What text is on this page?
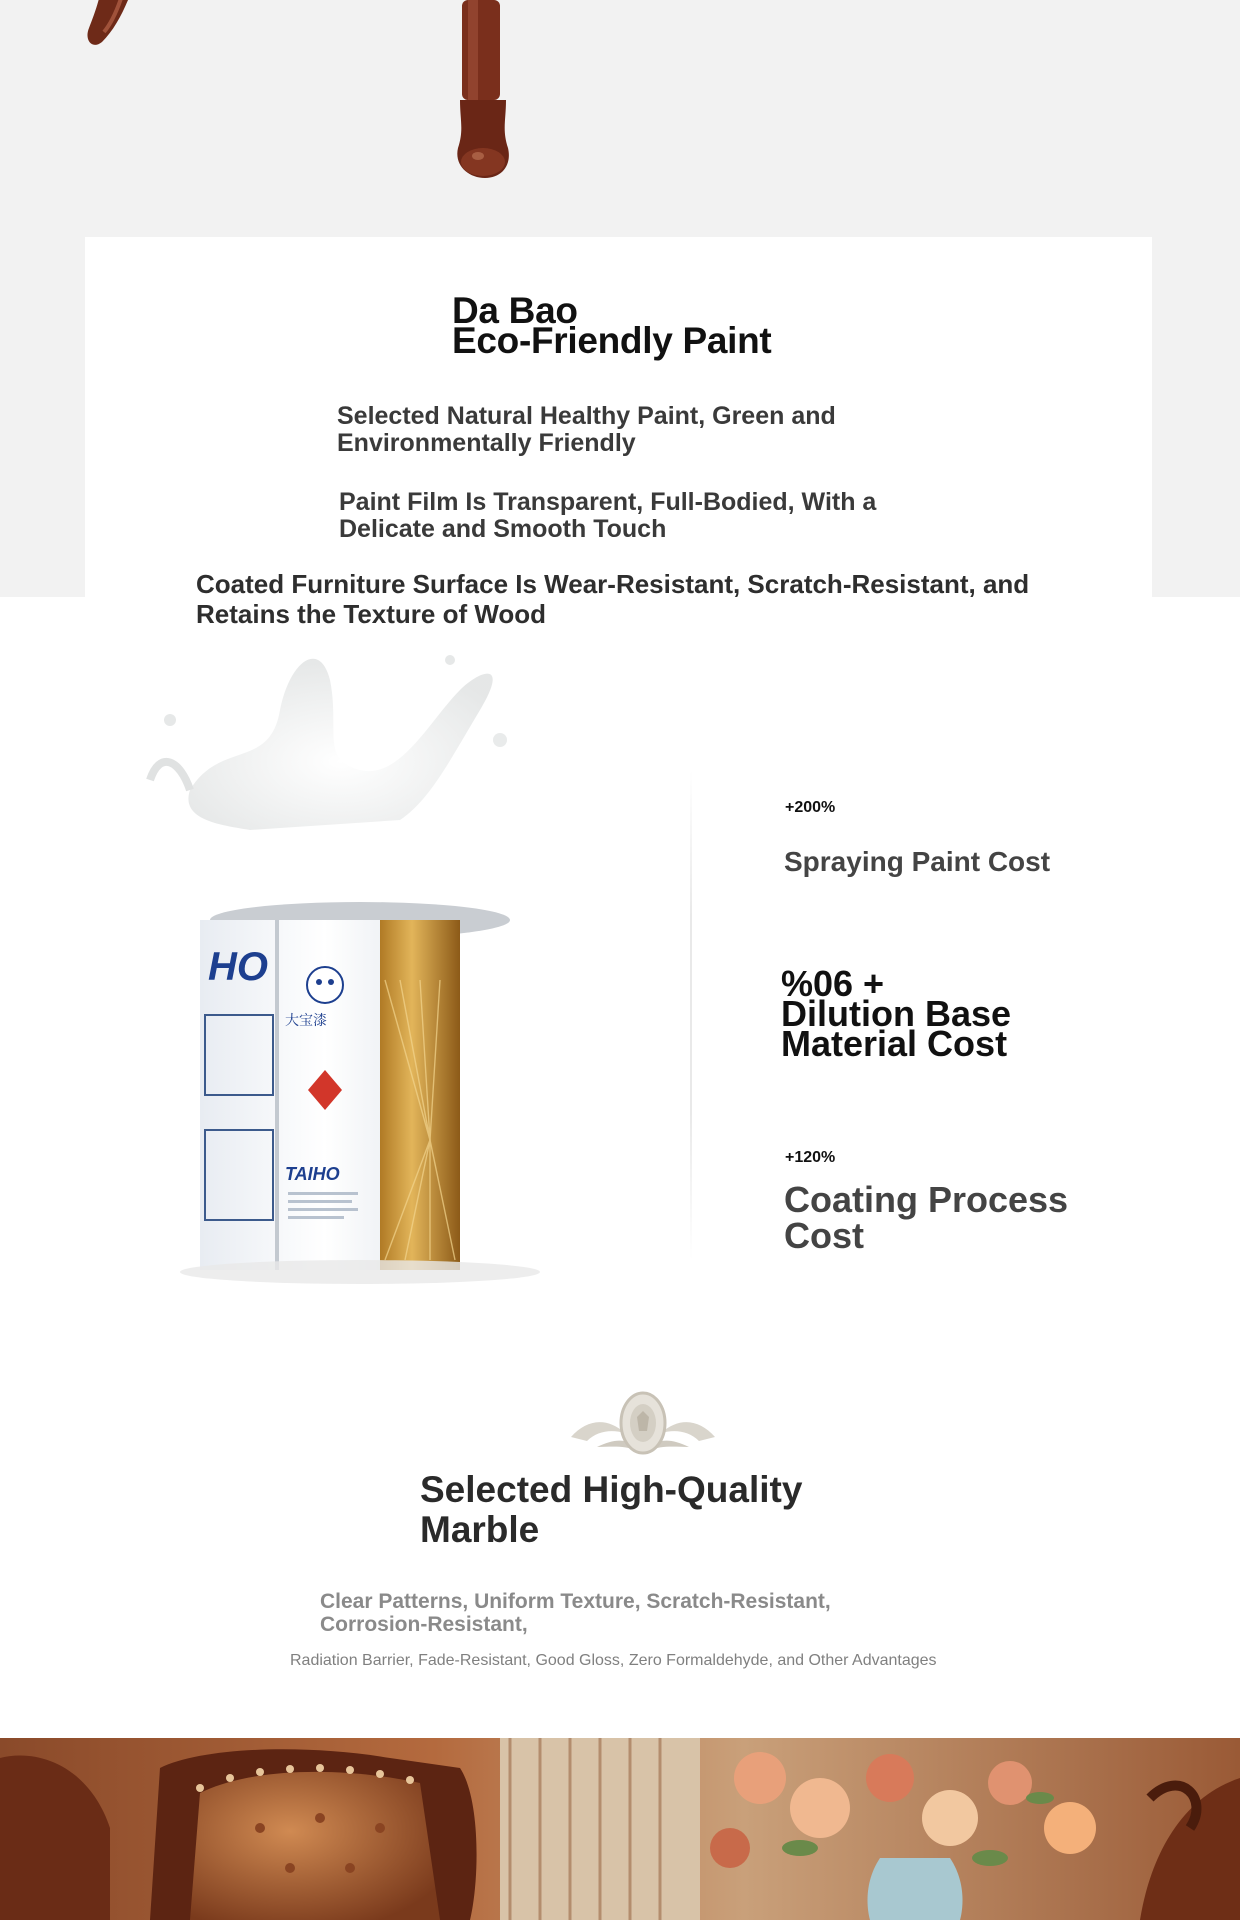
Da Bao
Eco-Friendly Paint
Selected Natural Healthy Paint, Green and Environmentally Friendly
Paint Film Is Transparent, Full-Bodied, With a Delicate and Smooth Touch
Coated Furniture Surface Is Wear-Resistant, Scratch-Resistant, and Retains the Texture of Wood
HO
大宝漆
TAIHO
+200%
Spraying Paint Cost
%06 +
Dilution Base
Material Cost
+120%
Coating Process
Cost
Selected High-Quality
Marble
Clear Patterns, Uniform Texture, Scratch-Resistant, Corrosion-Resistant,
Radiation Barrier, Fade-Resistant, Good Gloss, Zero Formaldehyde, and Other Advantages
